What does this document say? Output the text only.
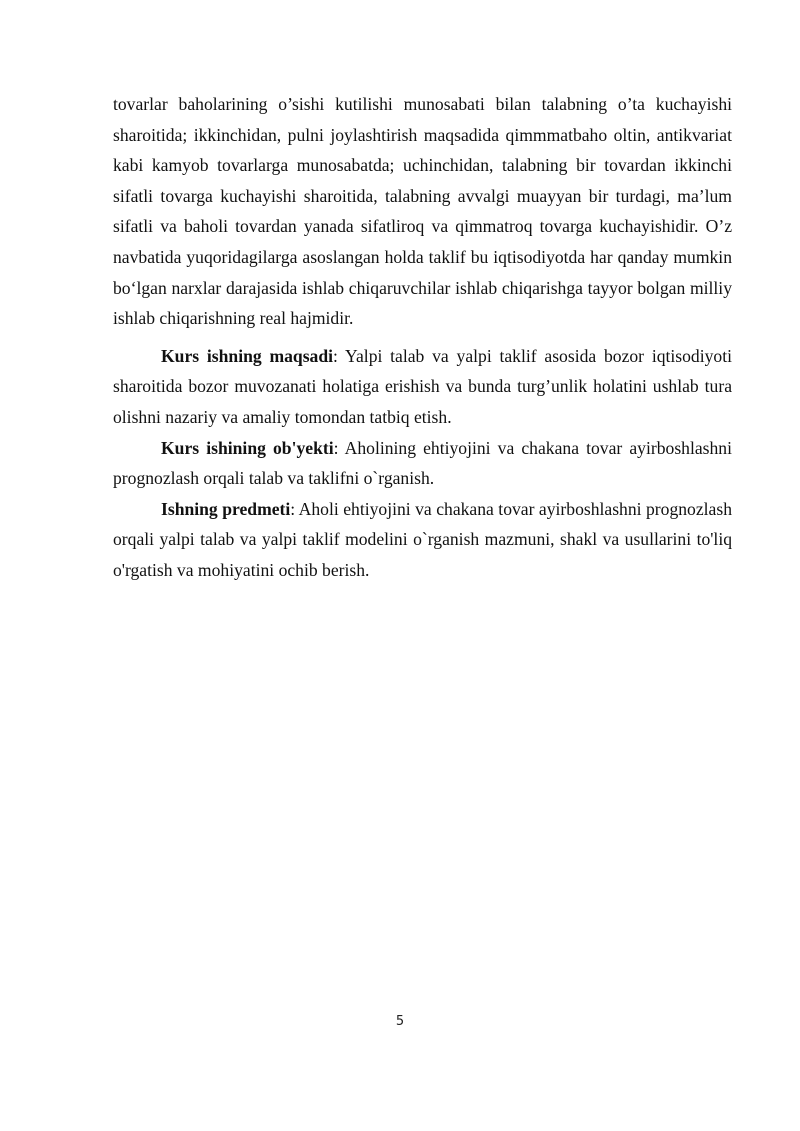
tovarlar baholarining o’sishi kutilishi munosabati bilan talabning o’ta kuchayishi sharoitida; ikkinchidan, pulni joylashtirish maqsadida qimmmatbaho oltin, antikvariat kabi kamyob tovarlarga munosabatda; uchinchidan, talabning bir tovardan ikkinchi sifatli tovarga kuchayishi sharoitida, talabning avvalgi muayyan bir turdagi, ma’lum sifatli va baholi tovardan yanada sifatliroq va qimmatroq tovarga kuchayishidir. O’z navbatida yuqoridagilarga asoslangan holda taklif bu iqtisodiyotda har qanday mumkin bo‘lgan narxlar darajasida ishlab chiqaruvchilar ishlab chiqarishga tayyor bolgan milliy ishlab chiqarishning real hajmidir.

Kurs ishning maqsadi: Yalpi talab va yalpi taklif asosida bozor iqtisodiyoti sharoitida bozor muvozanati holatiga erishish va bunda turg’unlik holatini ushlab tura olishni nazariy va amaliy tomondan tatbiq etish.

Kurs ishining ob'yekti: Aholining ehtiyojini va chakana tovar ayirboshlashni prognozlash orqali talab va taklifni o`rganish.

Ishning predmeti: Aholi ehtiyojini va chakana tovar ayirboshlashni prognozlash orqali yalpi talab va yalpi taklif modelini o`rganish mazmuni, shakl va usullarini to'liq o'rgatish va mohiyatini ochib berish.

5
